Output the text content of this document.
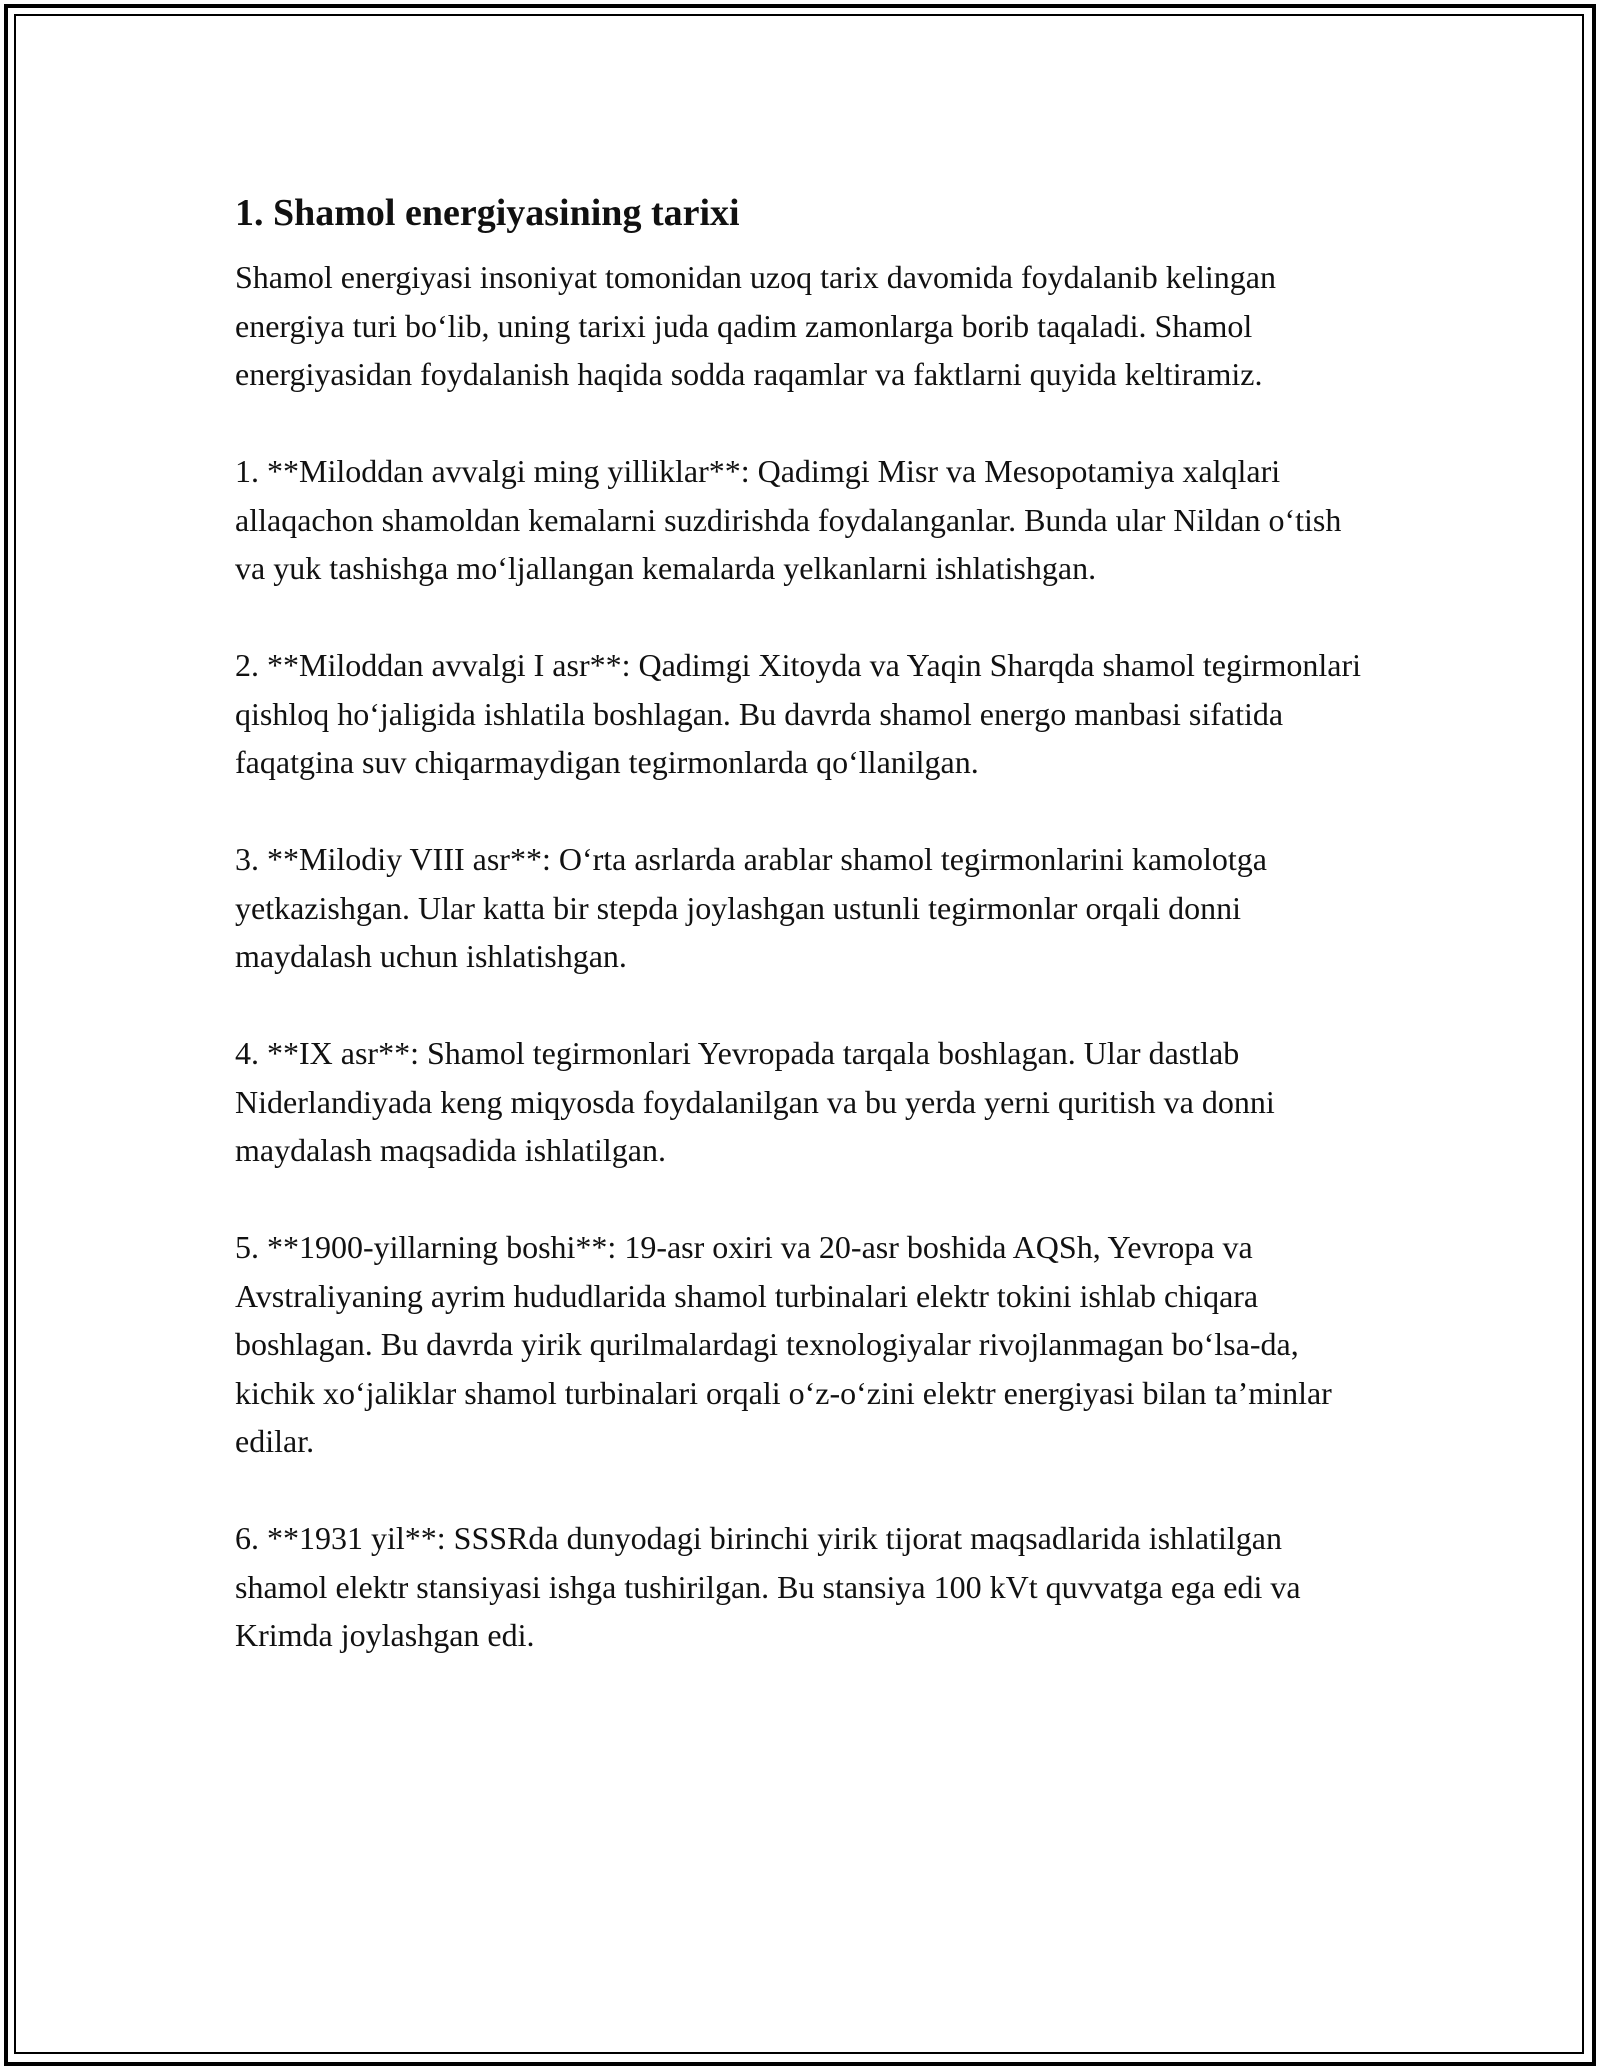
1. Shamol energiyasining tarixi

Shamol energiyasi insoniyat tomonidan uzoq tarix davomida foydalanib kelingan energiya turi bo‘lib, uning tarixi juda qadim zamonlarga borib taqaladi. Shamol energiyasidan foydalanish haqida sodda raqamlar va faktlarni quyida keltiramiz.

1. **Miloddan avvalgi ming yilliklar**: Qadimgi Misr va Mesopotamiya xalqlari allaqachon shamoldan kemalarni suzdirishda foydalanganlar. Bunda ular Nildan o‘tish va yuk tashishga mo‘ljallangan kemalarda yelkanlarni ishlatishgan.

2. **Miloddan avvalgi I asr**: Qadimgi Xitoyda va Yaqin Sharqda shamol tegirmonlari qishloq ho‘jaligida ishlatila boshlagan. Bu davrda shamol energo manbasi sifatida faqatgina suv chiqarmaydigan tegirmonlarda qo‘llanilgan.

3. **Milodiy VIII asr**: O‘rta asrlarda arablar shamol tegirmonlarini kamolotga yetkazishgan. Ular katta bir stepda joylashgan ustunli tegirmonlar orqali donni maydalash uchun ishlatishgan.

4. **IX asr**: Shamol tegirmonlari Yevropada tarqala boshlagan. Ular dastlab Niderlandiyada keng miqyosda foydalanilgan va bu yerda yerni quritish va donni maydalash maqsadida ishlatilgan.

5. **1900-yillarning boshi**: 19-asr oxiri va 20-asr boshida AQSh, Yevropa va Avstraliyaning ayrim hududlarida shamol turbinalari elektr tokini ishlab chiqara boshlagan. Bu davrda yirik qurilmalardagi texnologiyalar rivojlanmagan bo‘lsa-da, kichik xo‘jaliklar shamol turbinalari orqali o‘z-o‘zini elektr energiyasi bilan ta’minlar edilar.

6. **1931 yil**: SSSRda dunyodagi birinchi yirik tijorat maqsadlarida ishlatilgan shamol elektr stansiyasi ishga tushirilgan. Bu stansiya 100 kVt quvvatga ega edi va Krimda joylashgan edi.
